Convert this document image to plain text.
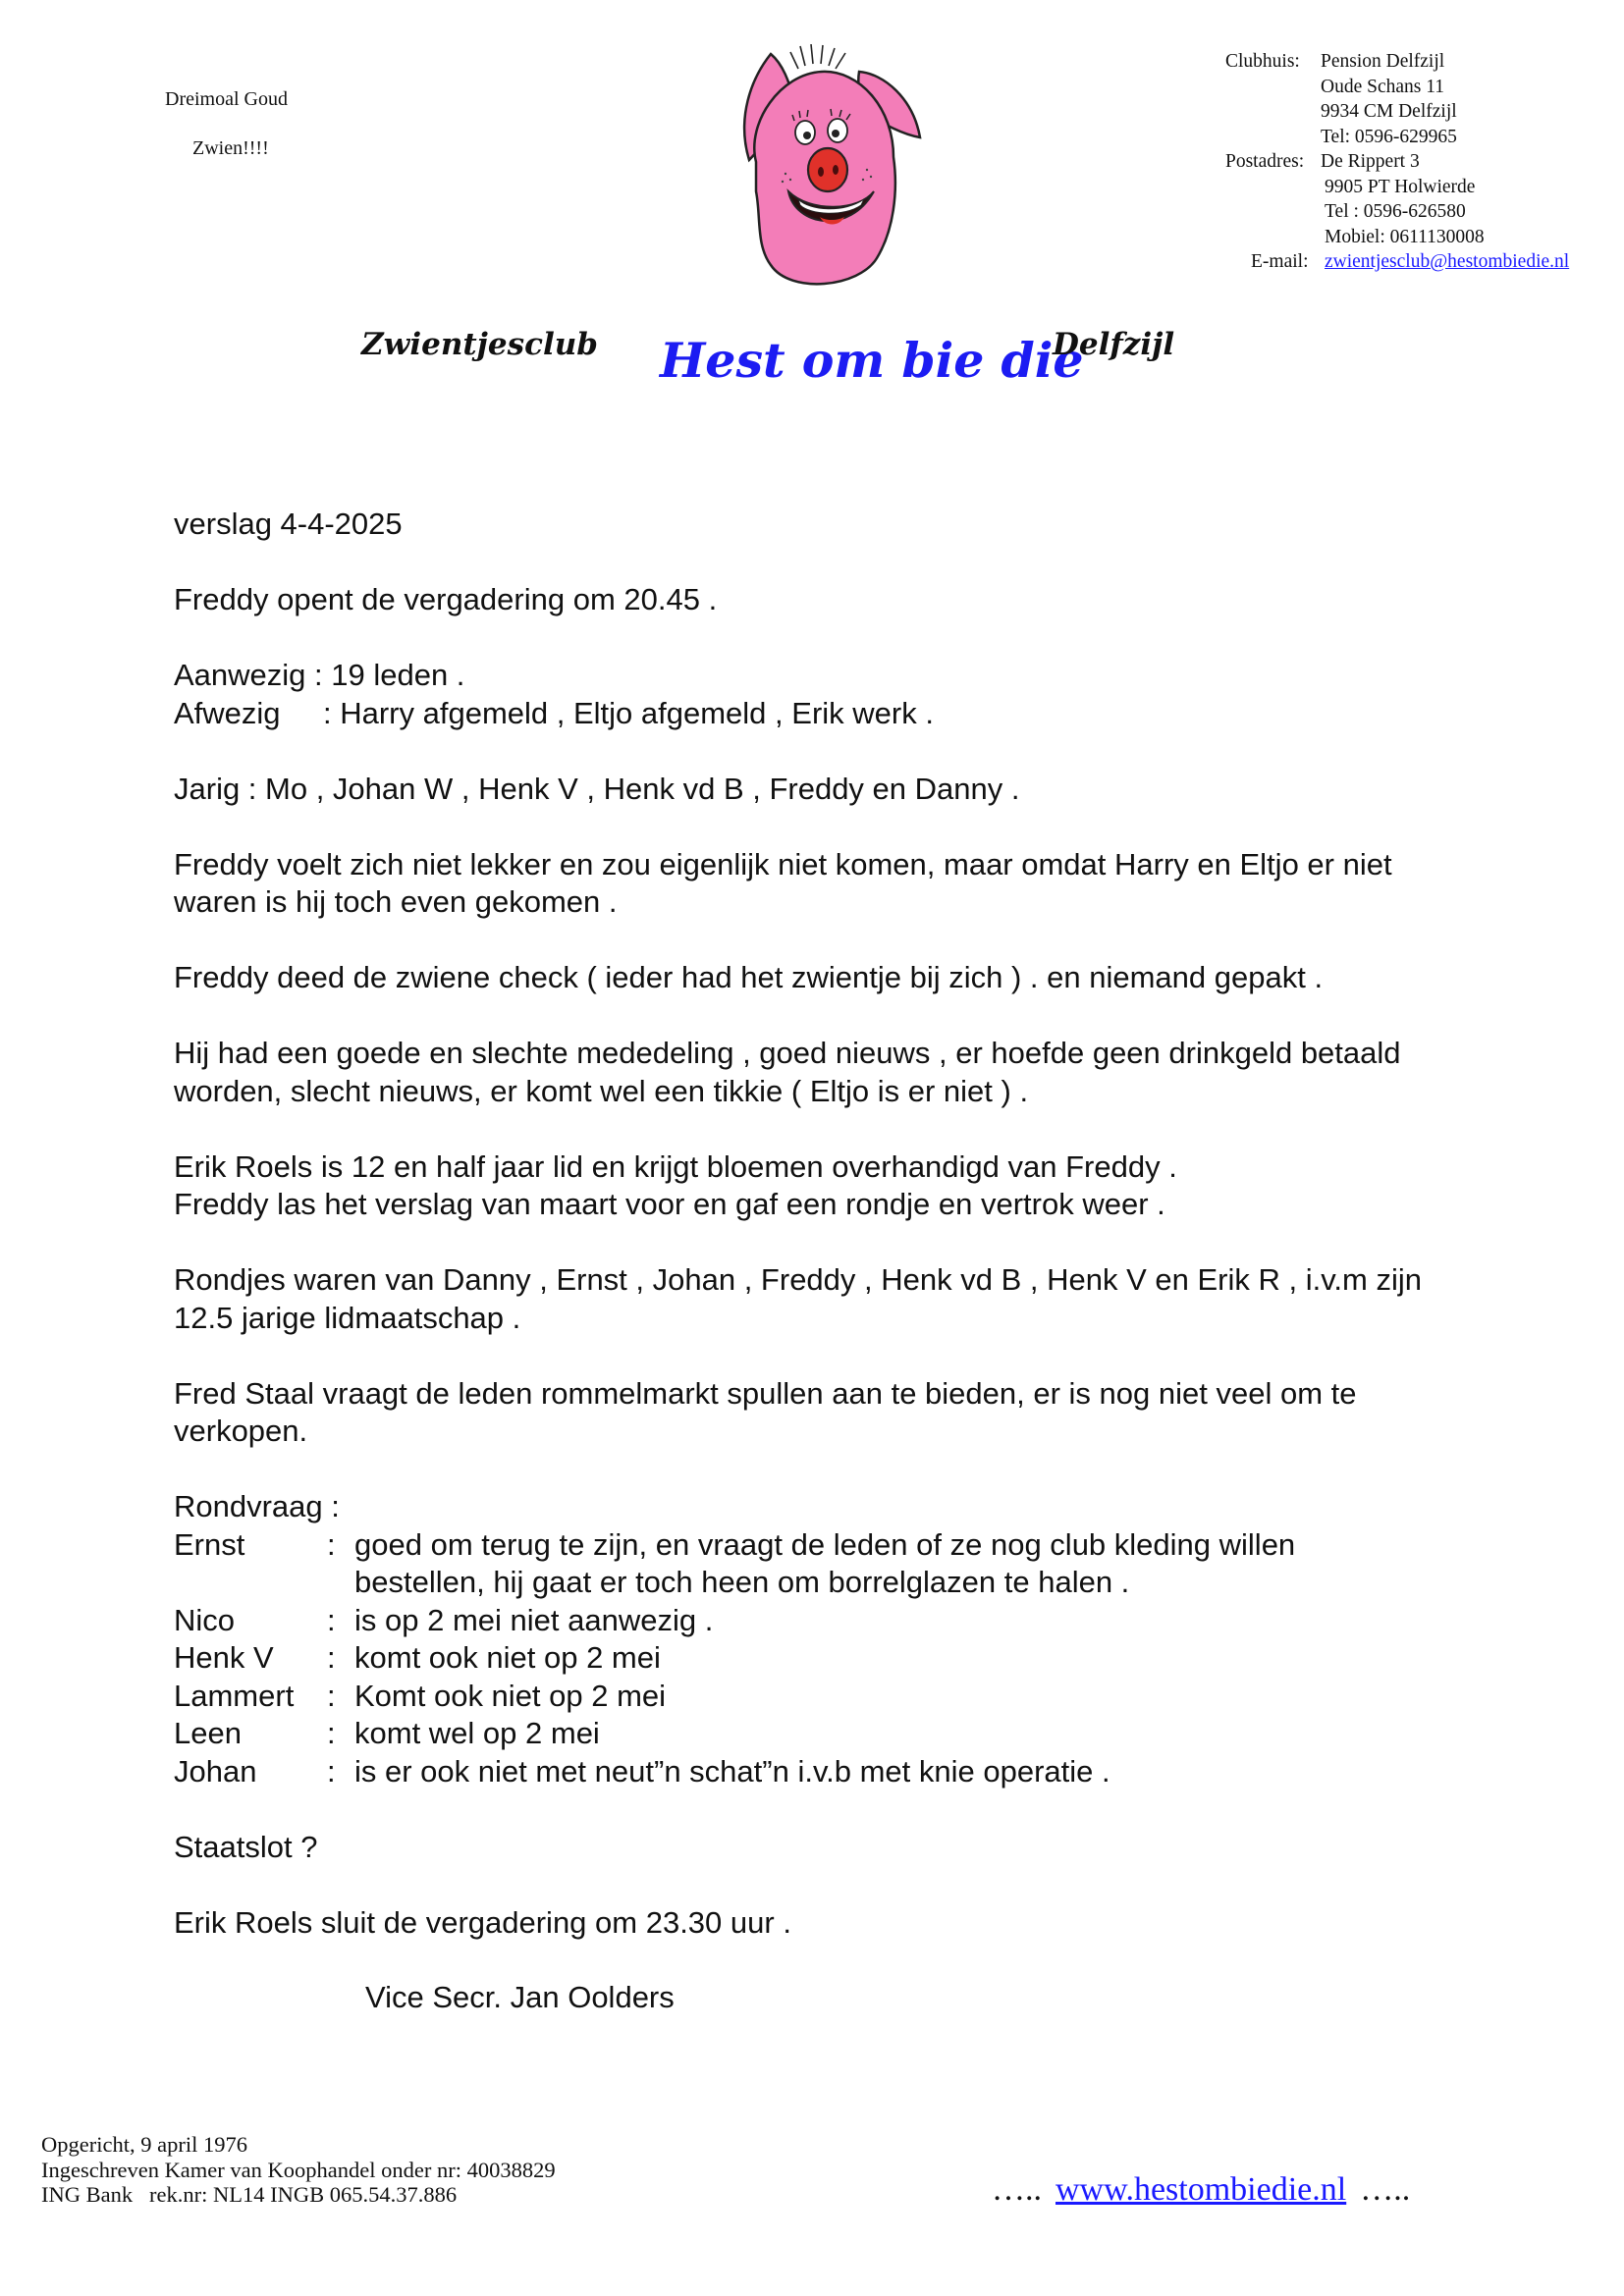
Dreimoal Goud
Zwien!!!!
Clubhuis: Pension Delfzijl
Oude Schans 11
9934 CM Delfzijl
Tel: 0596-629965
Postadres: De Rippert 3
9905 PT Holwierde
Tel : 0596-626580
Mobiel: 0611130008
E-mail: zwientjesclub@hestombiedie.nl
Zwientjesclub Hest om bie die
Delfzijl

verslag 4-4-2025

Freddy opent de vergadering om 20.45 .

Aanwezig : 19 leden .

Afwezig : Harry afgemeld , Eltjo afgemeld , Erik werk .

Jarig : Mo , Johan W , Henk V , Henk vd B , Freddy en Danny .

Freddy voelt zich niet lekker en zou eigenlijk niet komen, maar omdat Harry en Eltjo er niet

waren is hij toch even gekomen .

Freddy deed de zwiene check ( ieder had het zwientje bij zich ) . en niemand gepakt .

Hij had een goede en slechte mededeling , goed nieuws , er hoefde geen drinkgeld betaald

worden, slecht nieuws, er komt wel een tikkie ( Eltjo is er niet ) .

Erik Roels is 12 en half jaar lid en krijgt bloemen overhandigd van Freddy .

Freddy las het verslag van maart voor en gaf een rondje en vertrok weer .

Rondjes waren van Danny , Ernst , Johan , Freddy , Henk vd B , Henk V en Erik R , i.v.m zijn

12.5 jarige lidmaatschap .

Fred Staal vraagt de leden rommelmarkt spullen aan te bieden, er is nog niet veel om te

verkopen.

Rondvraag :

Ernst	: goed om terug te zijn, en vraagt de leden of ze nog club kleding willen
bestellen, hij gaat er toch heen om borrelglazen te halen .
Nico	: is op 2 mei niet aanwezig .
Henk V : komt ook niet op 2 mei
Lammert : Komt ook niet op 2 mei
Leen	: komt wel op 2 mei
Johan : is er ook niet met neut”n schat”n i.v.b met knie operatie .

Staatslot ?

Erik Roels sluit de vergadering om 23.30 uur .

Vice Secr. Jan Oolders
Opgericht, 9 april 1976
Ingeschreven Kamer van Koophandel onder nr: 40038829
ING Bank   rek.nr: NL14 INGB 065.54.37.886	….. www.hestombiedie.nl …..
